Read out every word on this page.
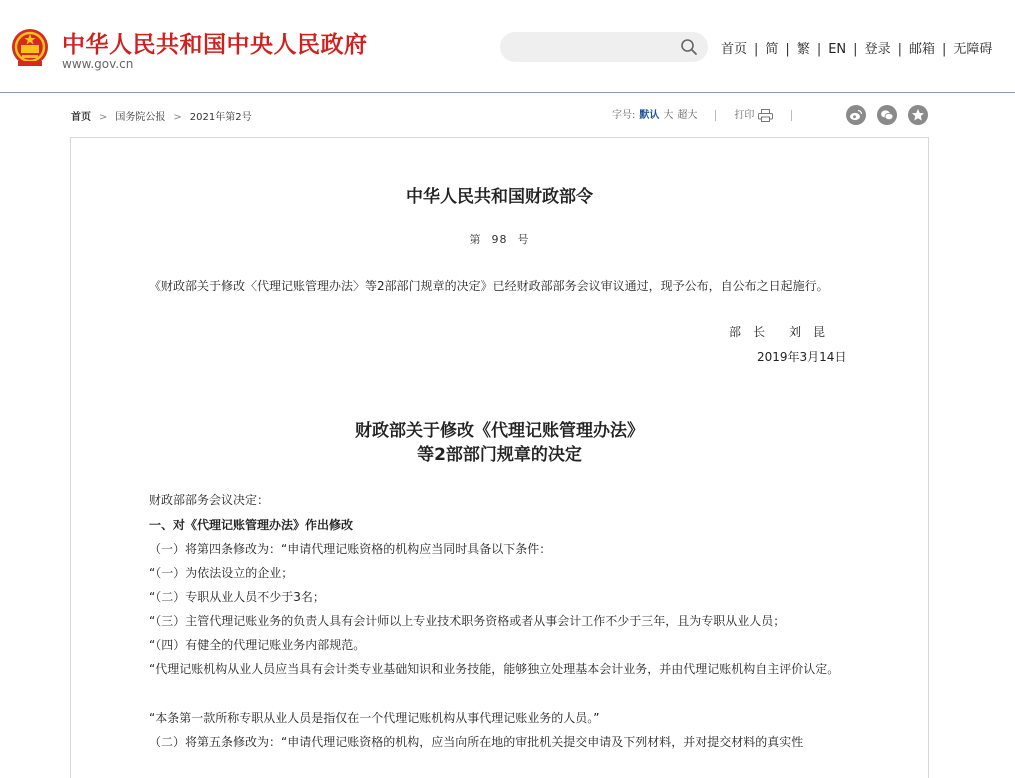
中华人民共和国中央人民政府
www.gov.cn
首页 | 简 | 繁 | EN | 登录 | 邮箱 | 无障碍
首页 > 国务院公报 > 2021年第2号	字号: 默认 大 超大	打印
中华人民共和国财政部令
第 98 号
《财政部关于修改〈代理记账管理办法〉等2部部门规章的决定》已经财政部部务会议审议通过，现予公布，自公布之日起施行。
部　长　　刘　昆
2019年3月14日
财政部关于修改《代理记账管理办法》
等2部部门规章的决定
财政部部务会议决定：
一、对《代理记账管理办法》作出修改
（一）将第四条修改为：“申请代理记账资格的机构应当同时具备以下条件：
“（一）为依法设立的企业；
“（二）专职从业人员不少于3名；
“（三）主管代理记账业务的负责人具有会计师以上专业技术职务资格或者从事会计工作不少于三年，且为专职从业人员；
“（四）有健全的代理记账业务内部规范。
“代理记账机构从业人员应当具有会计类专业基础知识和业务技能，能够独立处理基本会计业务，并由代理记账机构自主评价认定。
“本条第一款所称专职从业人员是指仅在一个代理记账机构从事代理记账业务的人员。”
（二）将第五条修改为：“申请代理记账资格的机构，应当向所在地的审批机关提交申请及下列材料，并对提交材料的真实性
